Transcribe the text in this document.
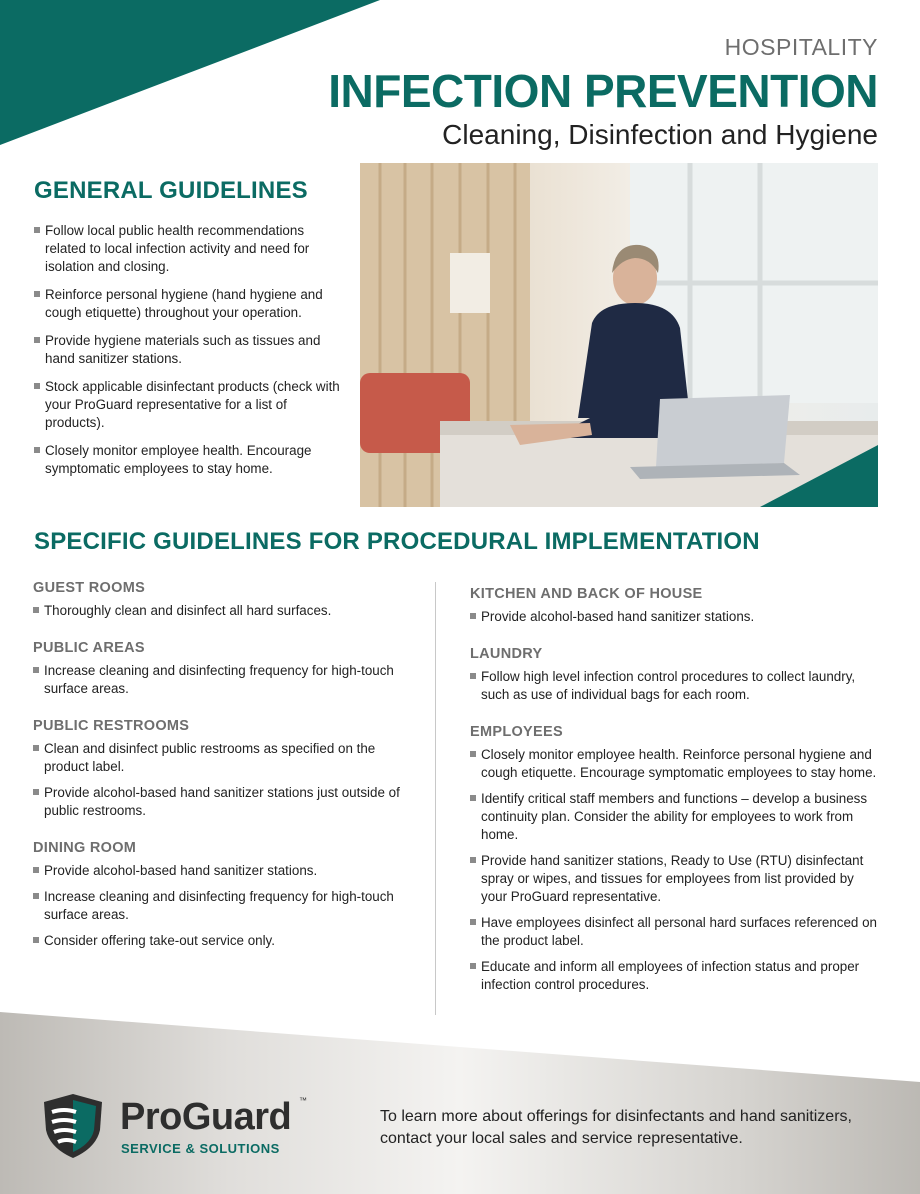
HOSPITALITY
INFECTION PREVENTION
Cleaning, Disinfection and Hygiene
GENERAL GUIDELINES
Follow local public health recommendations related to local infection activity and need for isolation and closing.
Reinforce personal hygiene (hand hygiene and cough etiquette) throughout your operation.
Provide hygiene materials such as tissues and hand sanitizer stations.
Stock applicable disinfectant products (check with your ProGuard representative for a list of products).
Closely monitor employee health. Encourage symptomatic employees to stay home.
SPECIFIC GUIDELINES FOR PROCEDURAL IMPLEMENTATION
GUEST ROOMS
Thoroughly clean and disinfect all hard surfaces.
PUBLIC AREAS
Increase cleaning and disinfecting frequency for high-touch surface areas.
PUBLIC RESTROOMS
Clean and disinfect public restrooms as specified on the product label.
Provide alcohol-based hand sanitizer stations just outside of public restrooms.
DINING ROOM
Provide alcohol-based hand sanitizer stations.
Increase cleaning and disinfecting frequency for high-touch surface areas.
Consider offering take-out service only.
KITCHEN AND BACK OF HOUSE
Provide alcohol-based hand sanitizer stations.
LAUNDRY
Follow high level infection control procedures to collect laundry, such as use of individual bags for each room.
EMPLOYEES
Closely monitor employee health. Reinforce personal hygiene and cough etiquette. Encourage symptomatic employees to stay home.
Identify critical staff members and functions – develop a business continuity plan. Consider the ability for employees to work from home.
Provide hand sanitizer stations, Ready to Use (RTU) disinfectant spray or wipes, and tissues for employees from list provided by your ProGuard representative.
Have employees disinfect all personal hard surfaces referenced on the product label.
Educate and inform all employees of infection status and proper infection control procedures.
ProGuard ™
SERVICE & SOLUTIONS
To learn more about offerings for disinfectants and hand sanitizers, contact your local sales and service representative.
